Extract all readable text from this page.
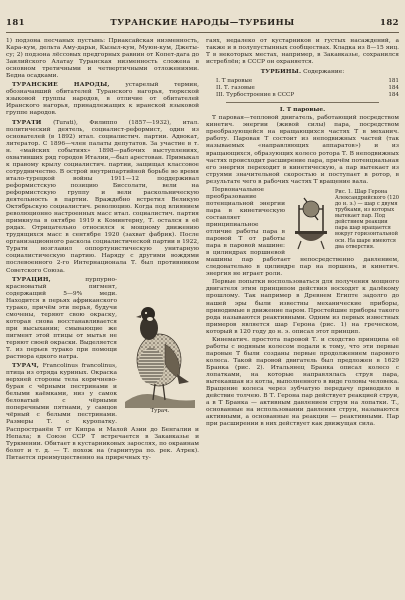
181	ТУРАНСКИЕ НАРОДЫ—ТУРБИНЫ	182

1) подзона песчаных пустынь: Приаксайская низменность, Кара-кум, дельта Аму-дарьи, Кызыл-кум, Муюн-кум, Джеты-су; 2) подзона лёссовых предгорных равнин от Копет-дага до Заилийского Алатау Туранская низменность сложена в основном третичными и четвертичными отложениями. Беднa осадками.

ТУРАНСКИЕ НАРОДЫ, устарелый термин, обозначавший обитателей Туранского нагорья, тюркской языковой группы народов, в отличие от обитателей Иранского нагорья, принадлежащих к иранской языковой группе народов.

ТУРАТИ (Turati), Филиппо (1857—1932), итал. политический деятель, социалист-реформист, один из основателей (в 1892) итал. социалистич. партии. Адвокат, литератор. С 1896—член палаты депутатов. За участие в т. н. «майских событиях» 1898—рабочих выступлениях, охвативших ряд городов Италии,—был арестован. Примыкал к правому крылу социалистич. партии, защищал классовое сотрудничество. В острой внутрипартийной борьбе во время итало-турецкой войны 1911—12 поддерживал реформистскую позицию Биссолати, вели на реформистскую группу и вели раскольническую деятельность в партии. Враждебно встретил Великую Октябрьскую социалистич. революцию. Когда под влиянием революционно настроенных масс итал. социалистич. партия примкнула в октябре 1919 к Коминтерну, Т. остался в её рядах. Отрицательно относился к мощному движению трудящихся масс в сентябре 1920 (захват фабрик). После организационного раскола социалистической партии в 1922, Турати возглавил оппортунистическую унитарную социалистическую партию. Наряду с другими вождями послевоенного 2-го Интернационала Т. был противником Советского Союза.

Турач.

ТУРАЦИН, пурпурно-красноватый пигмент, содержащий 5—9% меди. Находится в перьях африканского турако, причём эти перья, будучи смочены, теряют свою окраску, которая снова восстанавливается при высыхании; смывающие же пигмент этой птицы от мытья не теряют своей окраски. Выделяется Т. из перьев турако при помощи раствора едкого натра.

ТУРАЧ, Francolinus francolinus, птица из отряда куриных. Окраска верхней стороны тела коричнево-бурая с чёрными пестринами и белыми каёмками, низ у самок беловатый с чёрными поперечными пятнами, у самцов чёрный с белыми пестринами. Размеры Т. с куропатку. Распространён Т от Кипра и Малой Азии до Бенгалии и Непала; в Союзе ССР Т встречается в Закавказье и Туркмении. Обитает в кустарниковых зарослях, по окраинам болот и т. д. — Т. похож на (гарнитура по. рек. Атрек). Питается преимущественно на приречных ту-

гаях, недалеко от кустарников и густых насаждений, а также и в полупустынных сообществах. Кладка из 8—15 яиц. Т в некоторых местах, например, в Закавказье, сохранился истреблён; в СССР он охраняется.

ТУРБИНЫ. Содержание:
I. Т паровые	181
II. Т. газовые	184
III. Турбостроение в СССР	184
I. Т паровые.

Т паровая—тепловой двигатель, работающий посредством кинетич. энергии (живой силы) пара, посредством преобразующейся на вращающихся частях Т в механич. работу. Паровая Т состоит из неподвижных частей (так называемых «направляющих аппаратов») и из вращающихся, образующих колесо ротора Т. В неподвижных частях происходит расширение пара, причём потенциальная его энергия переходит в кинетическую, а пар вытекает из струями значительной скоростью и поступает в ротор, в результате чего в рабочих частях Т вращение вала.

Рис. 1. Шар Герона Александрийского (120 до н. э.) — шар с двумя трубками, из которых вытекает пар. Под действием реакции пара шар вращается вокруг горизонтальной оси. На шаре имеются два отверстия.

Первоначальное преобразование потенциальной энергии пара в кинетическую составляет принципиальное отличие работы пара в паровой Т от работы пара в паровой машине: в цилиндрах поршневой машины пар работает непосредственно давлением, следовательно в цилиндре пар на поршень, и кинетич. энергия не играет роли.

Первые попытки воспользоваться для получения мощного двигателя этим принципом действия восходят к далёкому прошлому. Так например в Древнем Египте задолго до нашей эры были известны механические приборы, приводимые в движение паром. Простейшие приборы такого рода называются реактивными. Одним из первых известных примеров является шар Герона (рис. 1) на греческом, который в 120 году до н. э. описал этот принцип.

Кинематич. простота паровой Т. и сходство принципа её работы с водяным колесом подали к тому, что эти первые паровые Т были созданы первые продолжением парового колеса. Такой паровой двигатель был предложен в 1629 Бранка (рис. 2). Итальянец Бранка описал колесо с лопатками, на которые направлялась струя пара, вытекавшая из котла, выполненного в виде головы человека. Вращение колеса через зубчатую передачу приводило в действие толчею. В Т. Герона пар действует реакцией струи, а в Т Бранка — активным давлением струи на лопатки. Т., основанные на использовании давления струи, называются активными, а основанные на реакции — реактивными. Пар при расширении в них действует как движущая сила.
